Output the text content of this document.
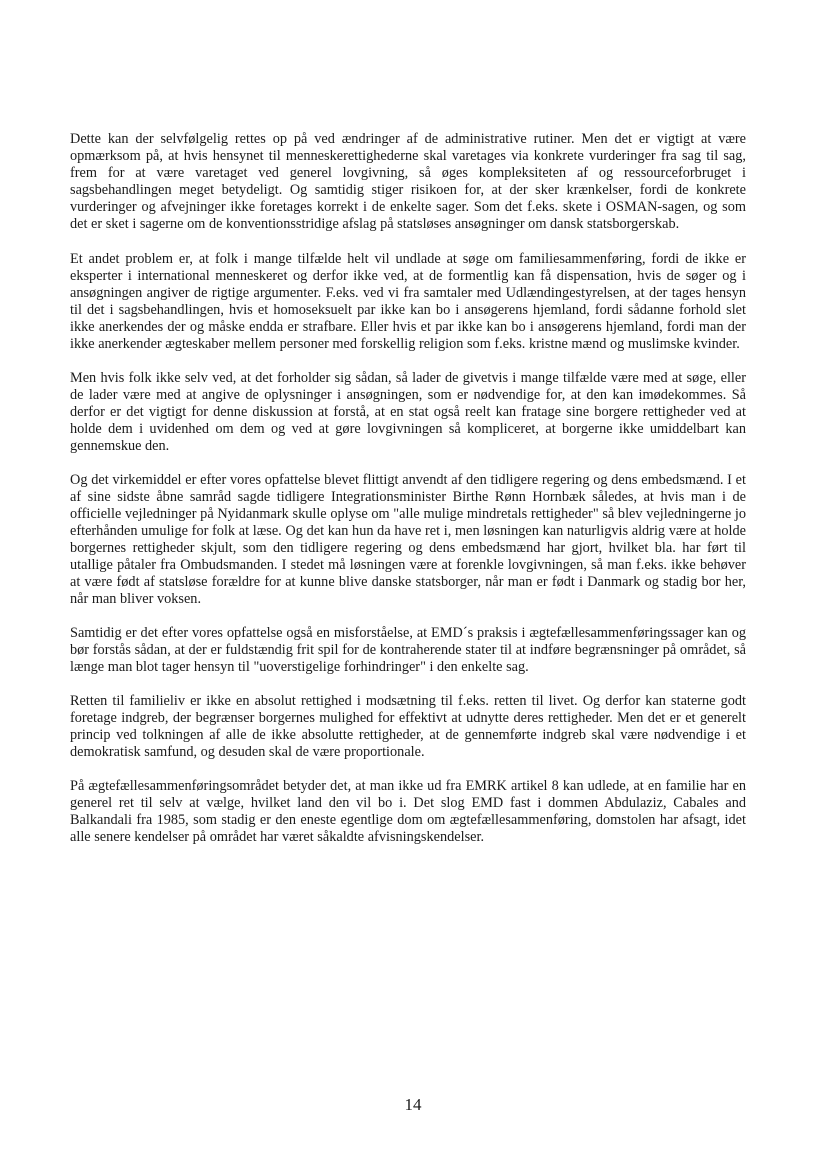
Dette kan der selvfølgelig rettes op på ved ændringer af de administrative rutiner. Men det er vigtigt at være opmærksom på, at hvis hensynet til menneskerettighederne skal varetages via konkrete vurderinger fra sag til sag, frem for at være varetaget ved generel lovgivning, så øges kompleksiteten af og ressourceforbruget i sagsbehandlingen meget betydeligt. Og samtidig stiger risikoen for, at der sker krænkelser, fordi de konkrete vurderinger og afvejninger ikke foretages korrekt i de enkelte sager. Som det f.eks. skete i OSMAN-sagen, og som det er sket i sagerne om de konventionsstridige afslag på statsløses ansøgninger om dansk statsborgerskab.

Et andet problem er, at folk i mange tilfælde helt vil undlade at søge om familiesammenføring, fordi de ikke er eksperter i international menneskeret og derfor ikke ved, at de formentlig kan få dispensation, hvis de søger og i ansøgningen angiver de rigtige argumenter. F.eks. ved vi fra samtaler med Udlændingestyrelsen, at der tages hensyn til det i sagsbehandlingen, hvis et homoseksuelt par ikke kan bo i ansøgerens hjemland, fordi sådanne forhold slet ikke anerkendes der og måske endda er strafbare. Eller hvis et par ikke kan bo i ansøgerens hjemland, fordi man der ikke anerkender ægteskaber mellem personer med forskellig religion som f.eks. kristne mænd og muslimske kvinder.

Men hvis folk ikke selv ved, at det forholder sig sådan, så lader de givetvis i mange tilfælde være med at søge, eller de lader være med at angive de oplysninger i ansøgningen, som er nødvendige for, at den kan imødekommes. Så derfor er det vigtigt for denne diskussion at forstå, at en stat også reelt kan fratage sine borgere rettigheder ved at holde dem i uvidenhed om dem og ved at gøre lovgivningen så kompliceret, at borgerne ikke umiddelbart kan gennemskue den.

Og det virkemiddel er efter vores opfattelse blevet flittigt anvendt af den tidligere regering og dens embedsmænd. I et af sine sidste åbne samråd sagde tidligere Integrationsminister Birthe Rønn Hornbæk således, at hvis man i de officielle vejledninger på Nyidanmark skulle oplyse om "alle mulige mindretals rettigheder" så blev vejledningerne jo efterhånden umulige for folk at læse. Og det kan hun da have ret i, men løsningen kan naturligvis aldrig være at holde borgernes rettigheder skjult, som den tidligere regering og dens embedsmænd har gjort, hvilket bla. har ført til utallige påtaler fra Ombudsmanden. I stedet må løsningen være at forenkle lovgivningen, så man f.eks. ikke behøver at være født af statsløse forældre for at kunne blive danske statsborger, når man er født i Danmark og stadig bor her, når man bliver voksen.

Samtidig er det efter vores opfattelse også en misforståelse, at EMD´s praksis i ægtefællesammenføringssager kan og bør forstås sådan, at der er fuldstændig frit spil for de kontraherende stater til at indføre begrænsninger på området, så længe man blot tager hensyn til "uoverstigelige forhindringer" i den enkelte sag.

Retten til familieliv er ikke en absolut rettighed i modsætning til f.eks. retten til livet. Og derfor kan staterne godt foretage indgreb, der begrænser borgernes mulighed for effektivt at udnytte deres rettigheder. Men det er et generelt princip ved tolkningen af alle de ikke absolutte rettigheder, at de gennemførte indgreb skal være nødvendige i et demokratisk samfund, og desuden skal de være proportionale.

På ægtefællesammenføringsområdet betyder det, at man ikke ud fra EMRK artikel 8 kan udlede, at en familie har en generel ret til selv at vælge, hvilket land den vil bo i. Det slog EMD fast i dommen Abdulaziz, Cabales and Balkandali fra 1985, som stadig er den eneste egentlige dom om ægtefællesammenføring, domstolen har afsagt, idet alle senere kendelser på området har været såkaldte afvisningskendelser.

14
